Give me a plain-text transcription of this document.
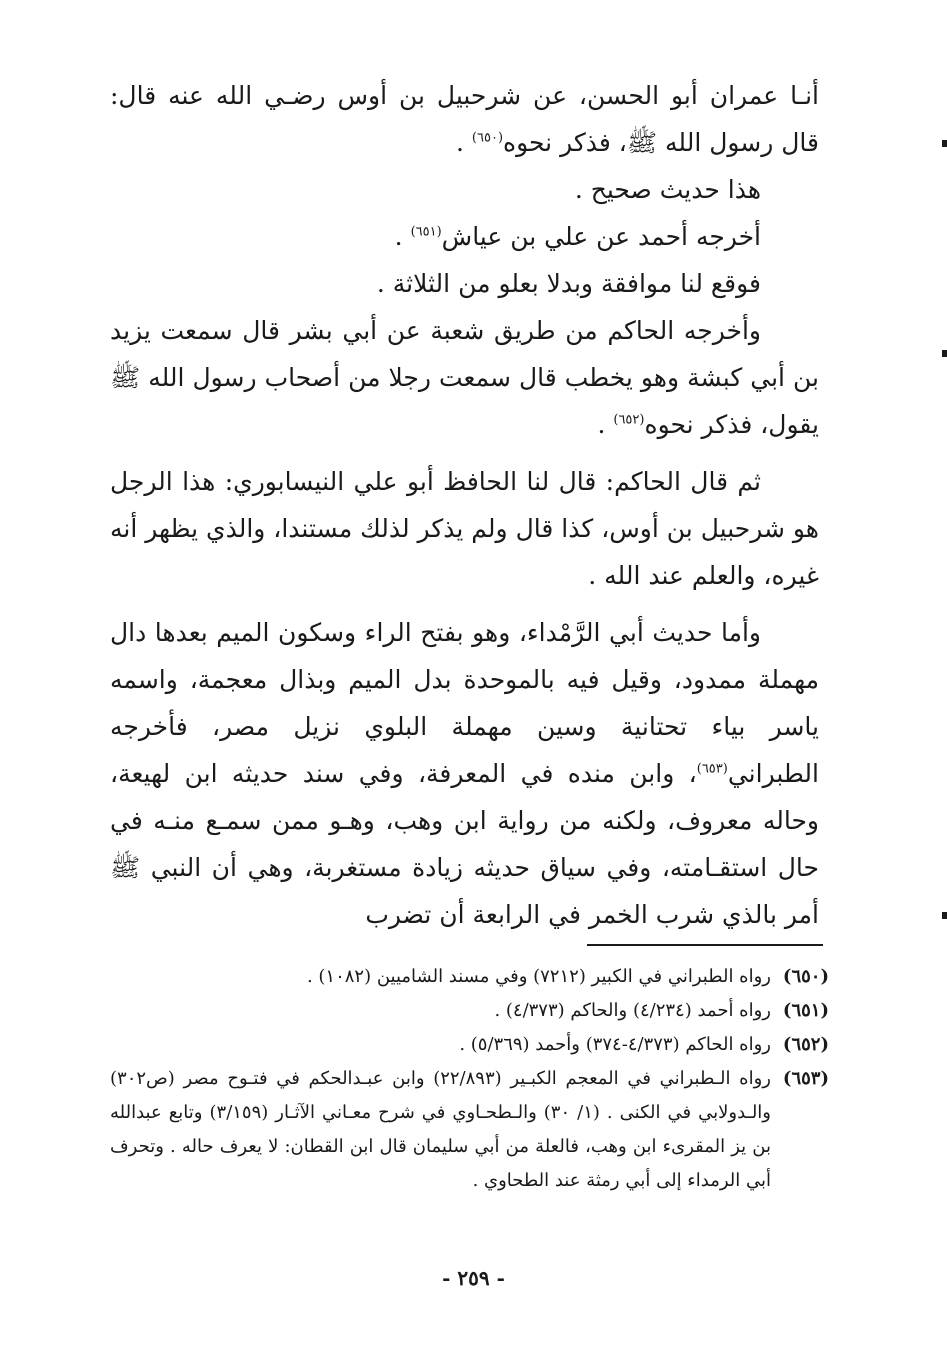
أنـا عمران أبو الحسن، عن شرحبيل بن أوس رضـي الله عنه قال: قال رسول الله ﷺ، فذكر نحوه$^{(٦٥٠)}$ .

هذا حديث صحيح .

أخرجه أحمد عن علي بن عياش$^{(٦٥١)}$ .

فوقع لنا موافقة وبدلا بعلو من الثلاثة .

وأخرجه الحاكم من طريق شعبة عن أبي بشر قال سمعت يزيد بن أبي كبشة وهو يخطب قال سمعت رجلا من أصحاب رسول الله ﷺ يقول، فذكر نحوه$^{(٦٥٢)}$ .

ثم قال الحاكم: قال لنا الحافظ أبو علي النيسابوري: هذا الرجل هو شرحبيل بن أوس، كذا قال ولم يذكر لذلك مستندا، والذي يظهر أنه غيره، والعلم عند الله .

وأما حديث أبي الرَّمْداء، وهو بفتح الراء وسكون الميم بعدها دال مهملة ممدود، وقيل فيه بالموحدة بدل الميم وبذال معجمة، واسمه ياسر بياء تحتانية وسين مهملة البلوي نزيل مصر، فأخرجه الطبراني$^{(٦٥٣)}$، وابن منده في المعرفة، وفي سند حديثه ابن لهيعة، وحاله معروف، ولكنه من رواية ابن وهب، وهـو ممن سمـع منـه في حال استقـامته، وفي سياق حديثه زيادة مستغربة، وهي أن النبي ﷺ أمر بالذي شرب الخمر في الرابعة أن تضرب

(٦٥٠)
رواه الطبراني في الكبير (٧٢١٢) وفي مسند الشاميين (١٠٨٢) .
(٦٥١)
رواه أحمد (٤/٢٣٤) والحاكم (٤/٣٧٣) .
(٦٥٢)
رواه الحاكم (٤/٣٧٣-٣٧٤) وأحمد (٥/٣٦٩) .
(٦٥٣)
رواه الـطبراني في المعجم الكبـير (٢٢/٨٩٣) وابن عبـدالحكم في فتـوح مصر (ص٣٠٢) والـدولابي في الكنى . (١/ ٣٠) والـطحـاوي في شرح معـاني الآثـار (٣/١٥٩) وتابع عبدالله بن يز المقرىء ابن وهب، فالعلة من أبي سليمان قال ابن القطان: لا يعرف حاله . وتحرف أبي الرمداء إلى أبي رمثة عند الطحاوي .
- ٢٥٩ -
